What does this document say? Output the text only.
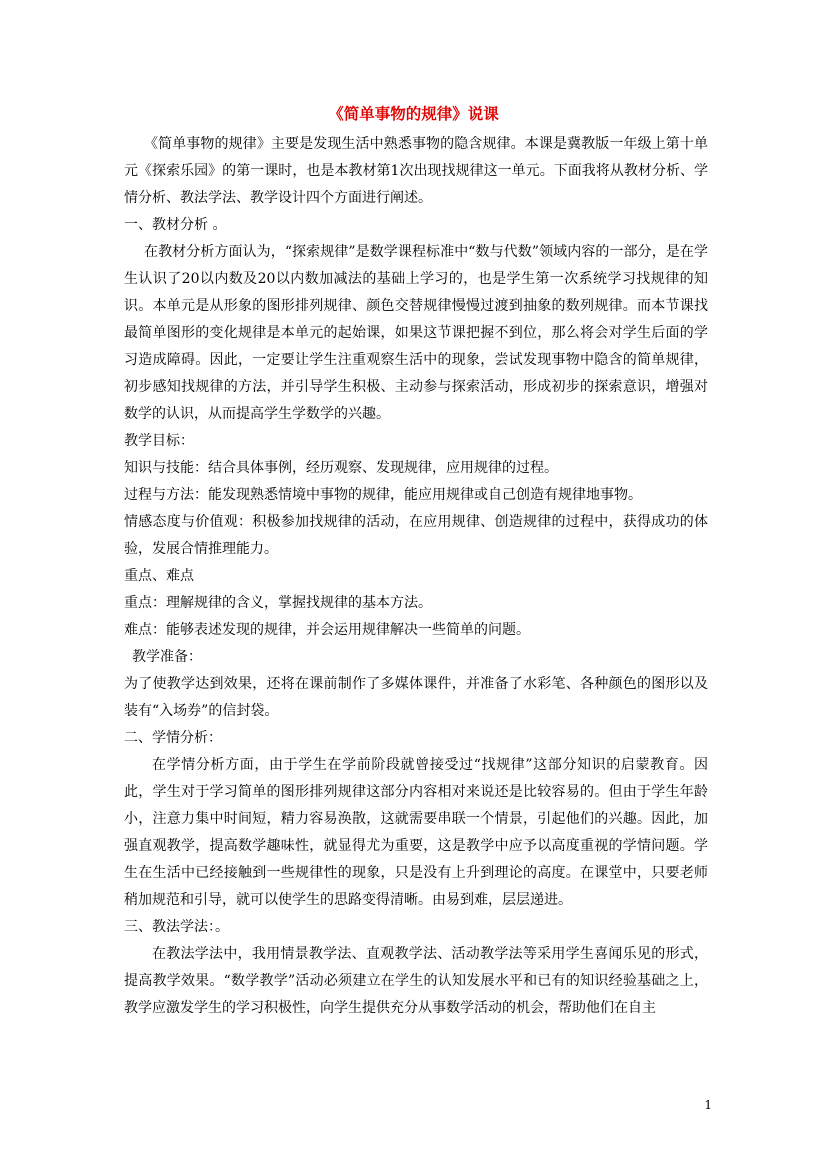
《简单事物的规律》说课

《简单事物的规律》主要是发现生活中熟悉事物的隐含规律。本课是冀教版一年级上第十单元《探索乐园》的第一课时，也是本教材第1次出现找规律这一单元。下面我将从教材分析、学情分析、教法学法、教学设计四个方面进行阐述。

一、教材分析 。

在教材分析方面认为，“探索规律”是数学课程标准中“数与代数”领域内容的一部分，是在学生认识了20以内数及20以内数加减法的基础上学习的，也是学生第一次系统学习找规律的知识。本单元是从形象的图形排列规律、颜色交替规律慢慢过渡到抽象的数列规律。而本节课找最简单图形的变化规律是本单元的起始课，如果这节课把握不到位，那么将会对学生后面的学习造成障碍。因此，一定要让学生注重观察生活中的现象，尝试发现事物中隐含的简单规律，初步感知找规律的方法，并引导学生积极、主动参与探索活动，形成初步的探索意识，增强对数学的认识，从而提高学生学数学的兴趣。

教学目标：

知识与技能：结合具体事例，经历观察、发现规律，应用规律的过程。

过程与方法：能发现熟悉情境中事物的规律，能应用规律或自己创造有规律地事物。

情感态度与价值观：积极参加找规律的活动，在应用规律、创造规律的过程中，获得成功的体验，发展合情推理能力。

重点、难点

重点：理解规律的含义，掌握找规律的基本方法。

难点：能够表述发现的规律，并会运用规律解决一些简单的问题。

教学准备：

为了使教学达到效果，还将在课前制作了多媒体课件，并准备了水彩笔、各种颜色的图形以及装有“入场券”的信封袋。

二、学情分析：

在学情分析方面，由于学生在学前阶段就曾接受过“找规律”这部分知识的启蒙教育。因此，学生对于学习简单的图形排列规律这部分内容相对来说还是比较容易的。但由于学生年龄小，注意力集中时间短，精力容易涣散，这就需要串联一个情景，引起他们的兴趣。因此，加强直观教学，提高数学趣味性，就显得尤为重要，这是教学中应予以高度重视的学情问题。学生在生活中已经接触到一些规律性的现象，只是没有上升到理论的高度。在课堂中，只要老师稍加规范和引导，就可以使学生的思路变得清晰。由易到难，层层递进。

三、教法学法：。

在教法学法中，我用情景教学法、直观教学法、活动教学法等采用学生喜闻乐见的形式，提高教学效果。“数学教学”活动必须建立在学生的认知发展水平和已有的知识经验基础之上，教学应激发学生的学习积极性，向学生提供充分从事数学活动的机会，帮助他们在自主

1
